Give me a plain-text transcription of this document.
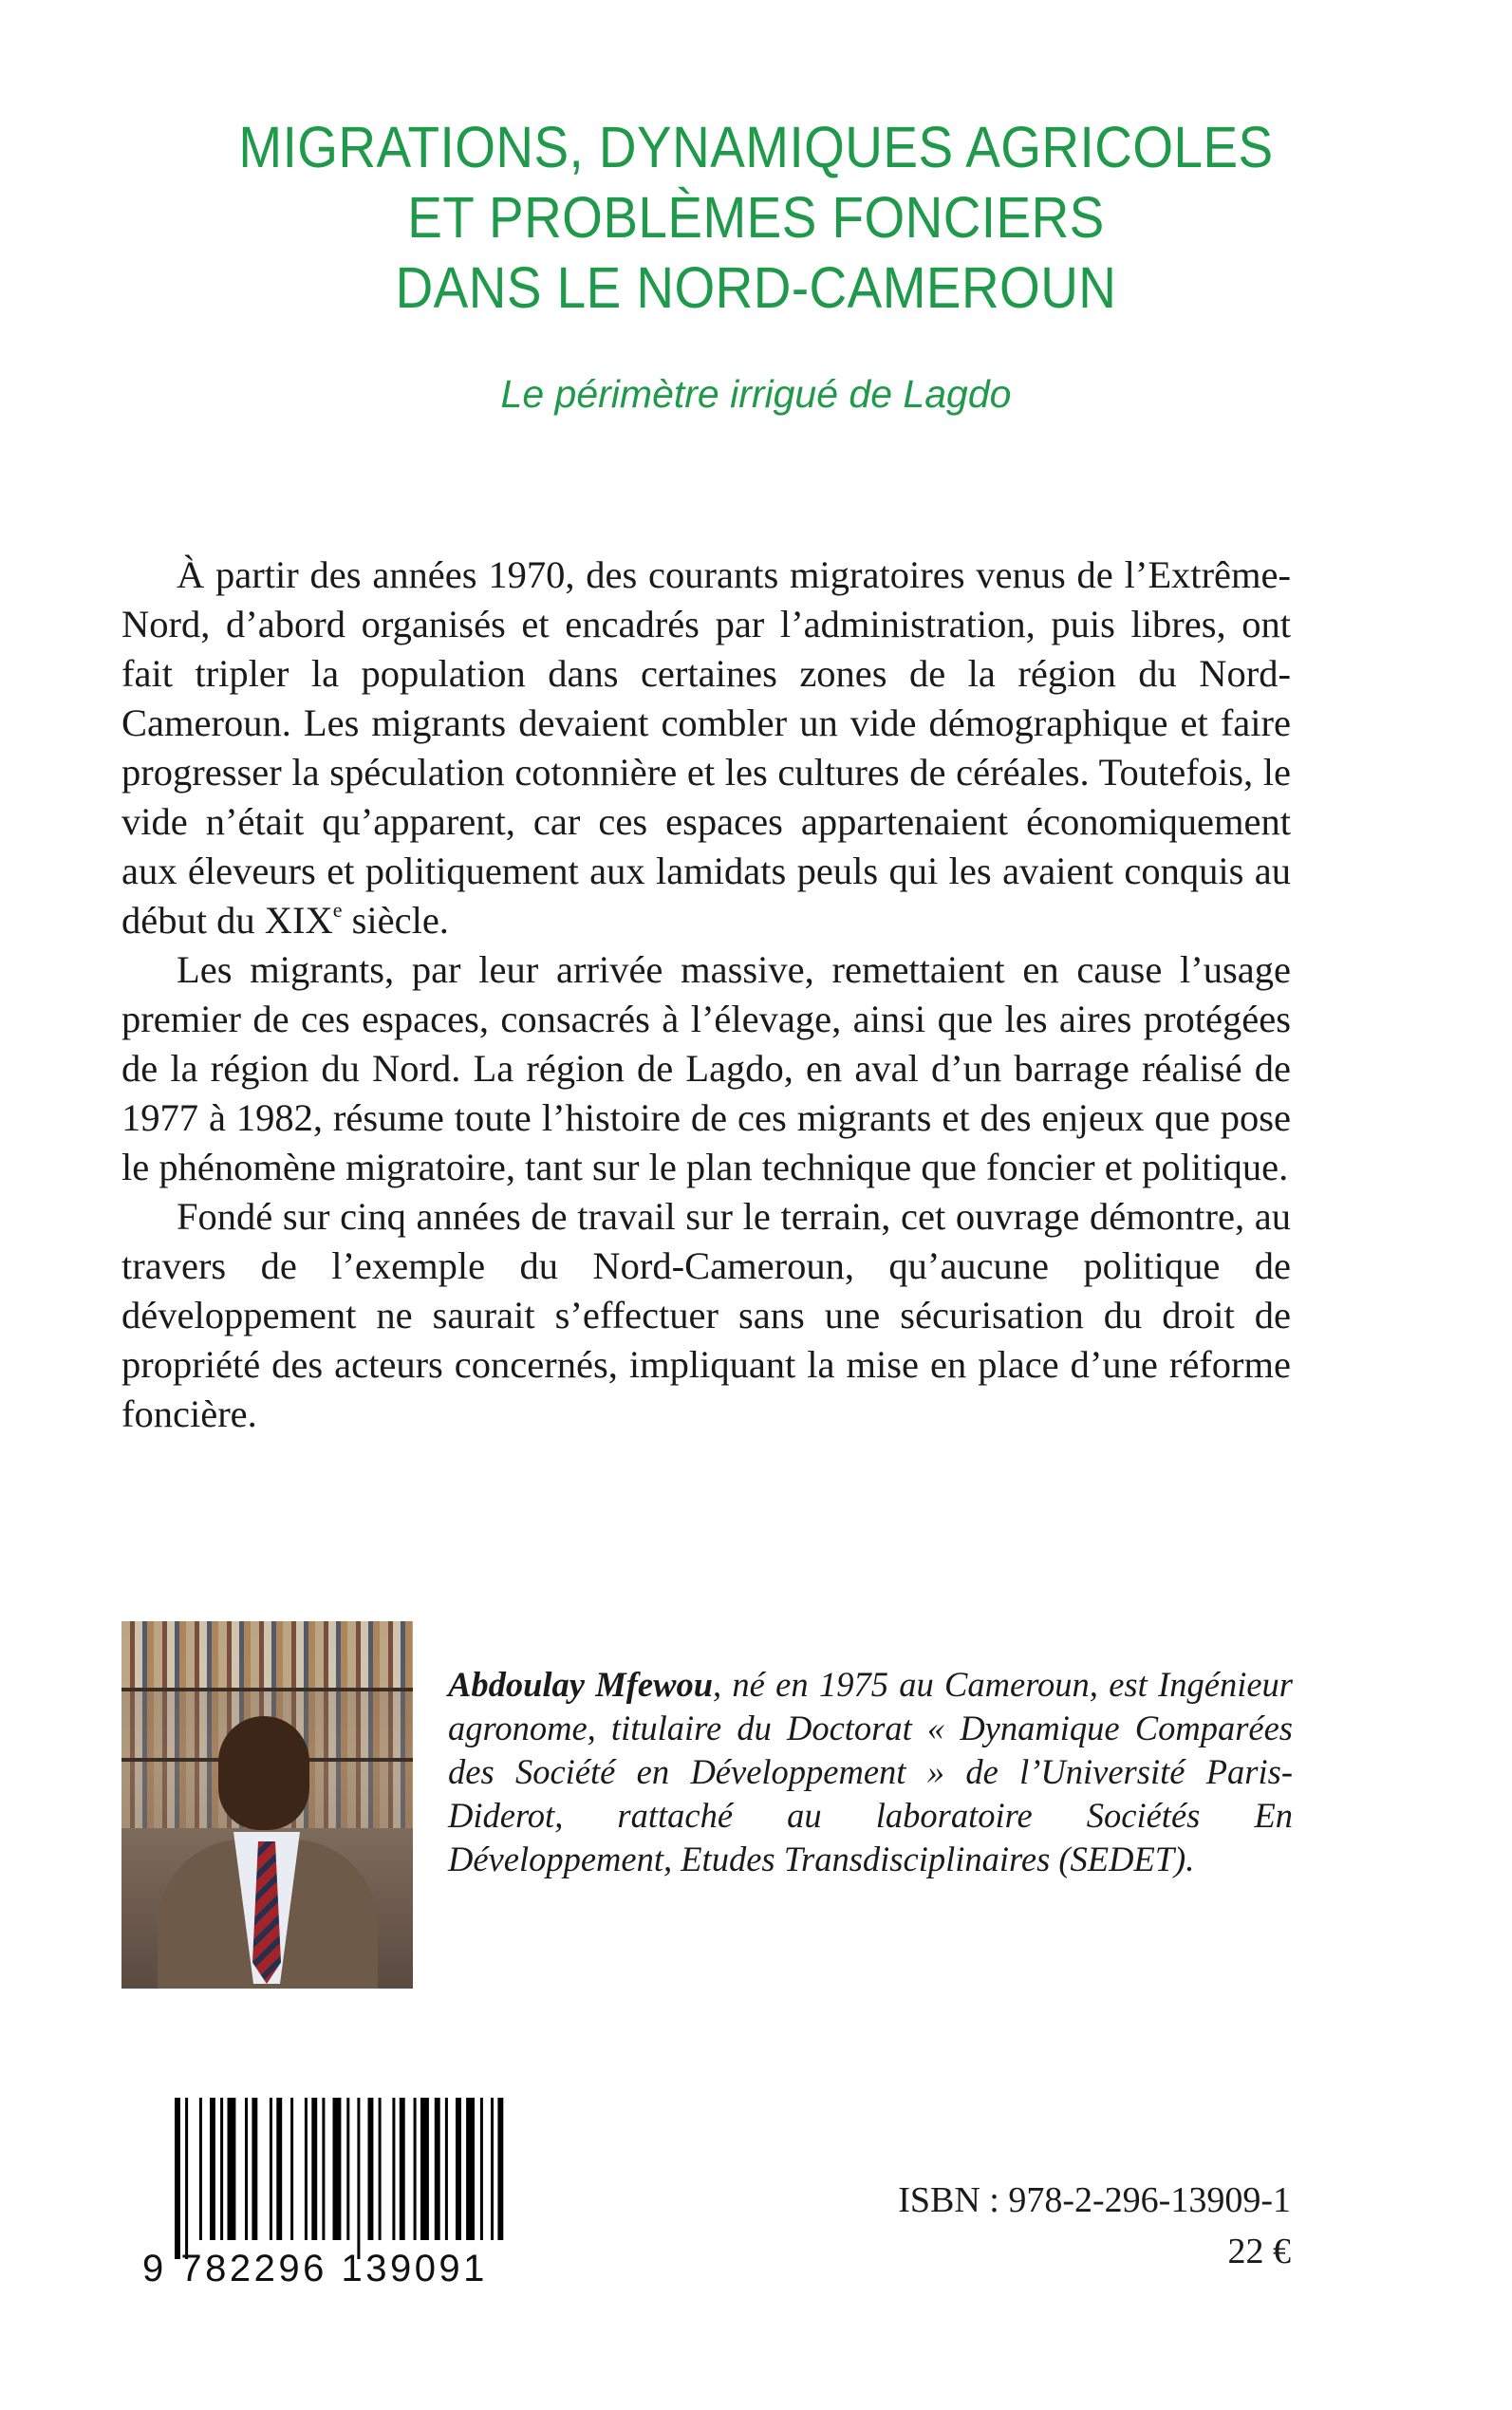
MIGRATIONS, DYNAMIQUES AGRICOLES
ET PROBLÈMES FONCIERS
DANS LE NORD-CAMEROUN
Le périmètre irrigué de Lagdo

À partir des années 1970, des courants migratoires venus de l’Extrême-Nord, d’abord organisés et encadrés par l’administration, puis libres, ont fait tripler la population dans certaines zones de la région du Nord-Cameroun. Les migrants devaient combler un vide démographique et faire progresser la spéculation cotonnière et les cultures de céréales. Toutefois, le vide n’était qu’apparent, car ces espaces appartenaient économiquement aux éleveurs et politiquement aux lamidats peuls qui les avaient conquis au début du XIXe siècle.

Les migrants, par leur arrivée massive, remettaient en cause l’usage premier de ces espaces, consacrés à l’élevage, ainsi que les aires protégées de la région du Nord. La région de Lagdo, en aval d’un barrage réalisé de 1977 à 1982, résume toute l’histoire de ces migrants et des enjeux que pose le phénomène migratoire, tant sur le plan technique que foncier et politique.

Fondé sur cinq années de travail sur le terrain, cet ouvrage démontre, au travers de l’exemple du Nord-Cameroun, qu’aucune politique de développement ne saurait s’effectuer sans une sécurisation du droit de propriété des acteurs concernés, impliquant la mise en place d’une réforme foncière.

Abdoulay Mfewou, né en 1975 au Cameroun, est Ingénieur agronome, titulaire du Doctorat « Dynamique Comparées des Société en Développement » de l’Université Paris-Diderot, rattaché au laboratoire Sociétés En Développement, Etudes Transdisciplinaires (SEDET).
9 782296 139091
ISBN : 978-2-296-13909-1
22 €
